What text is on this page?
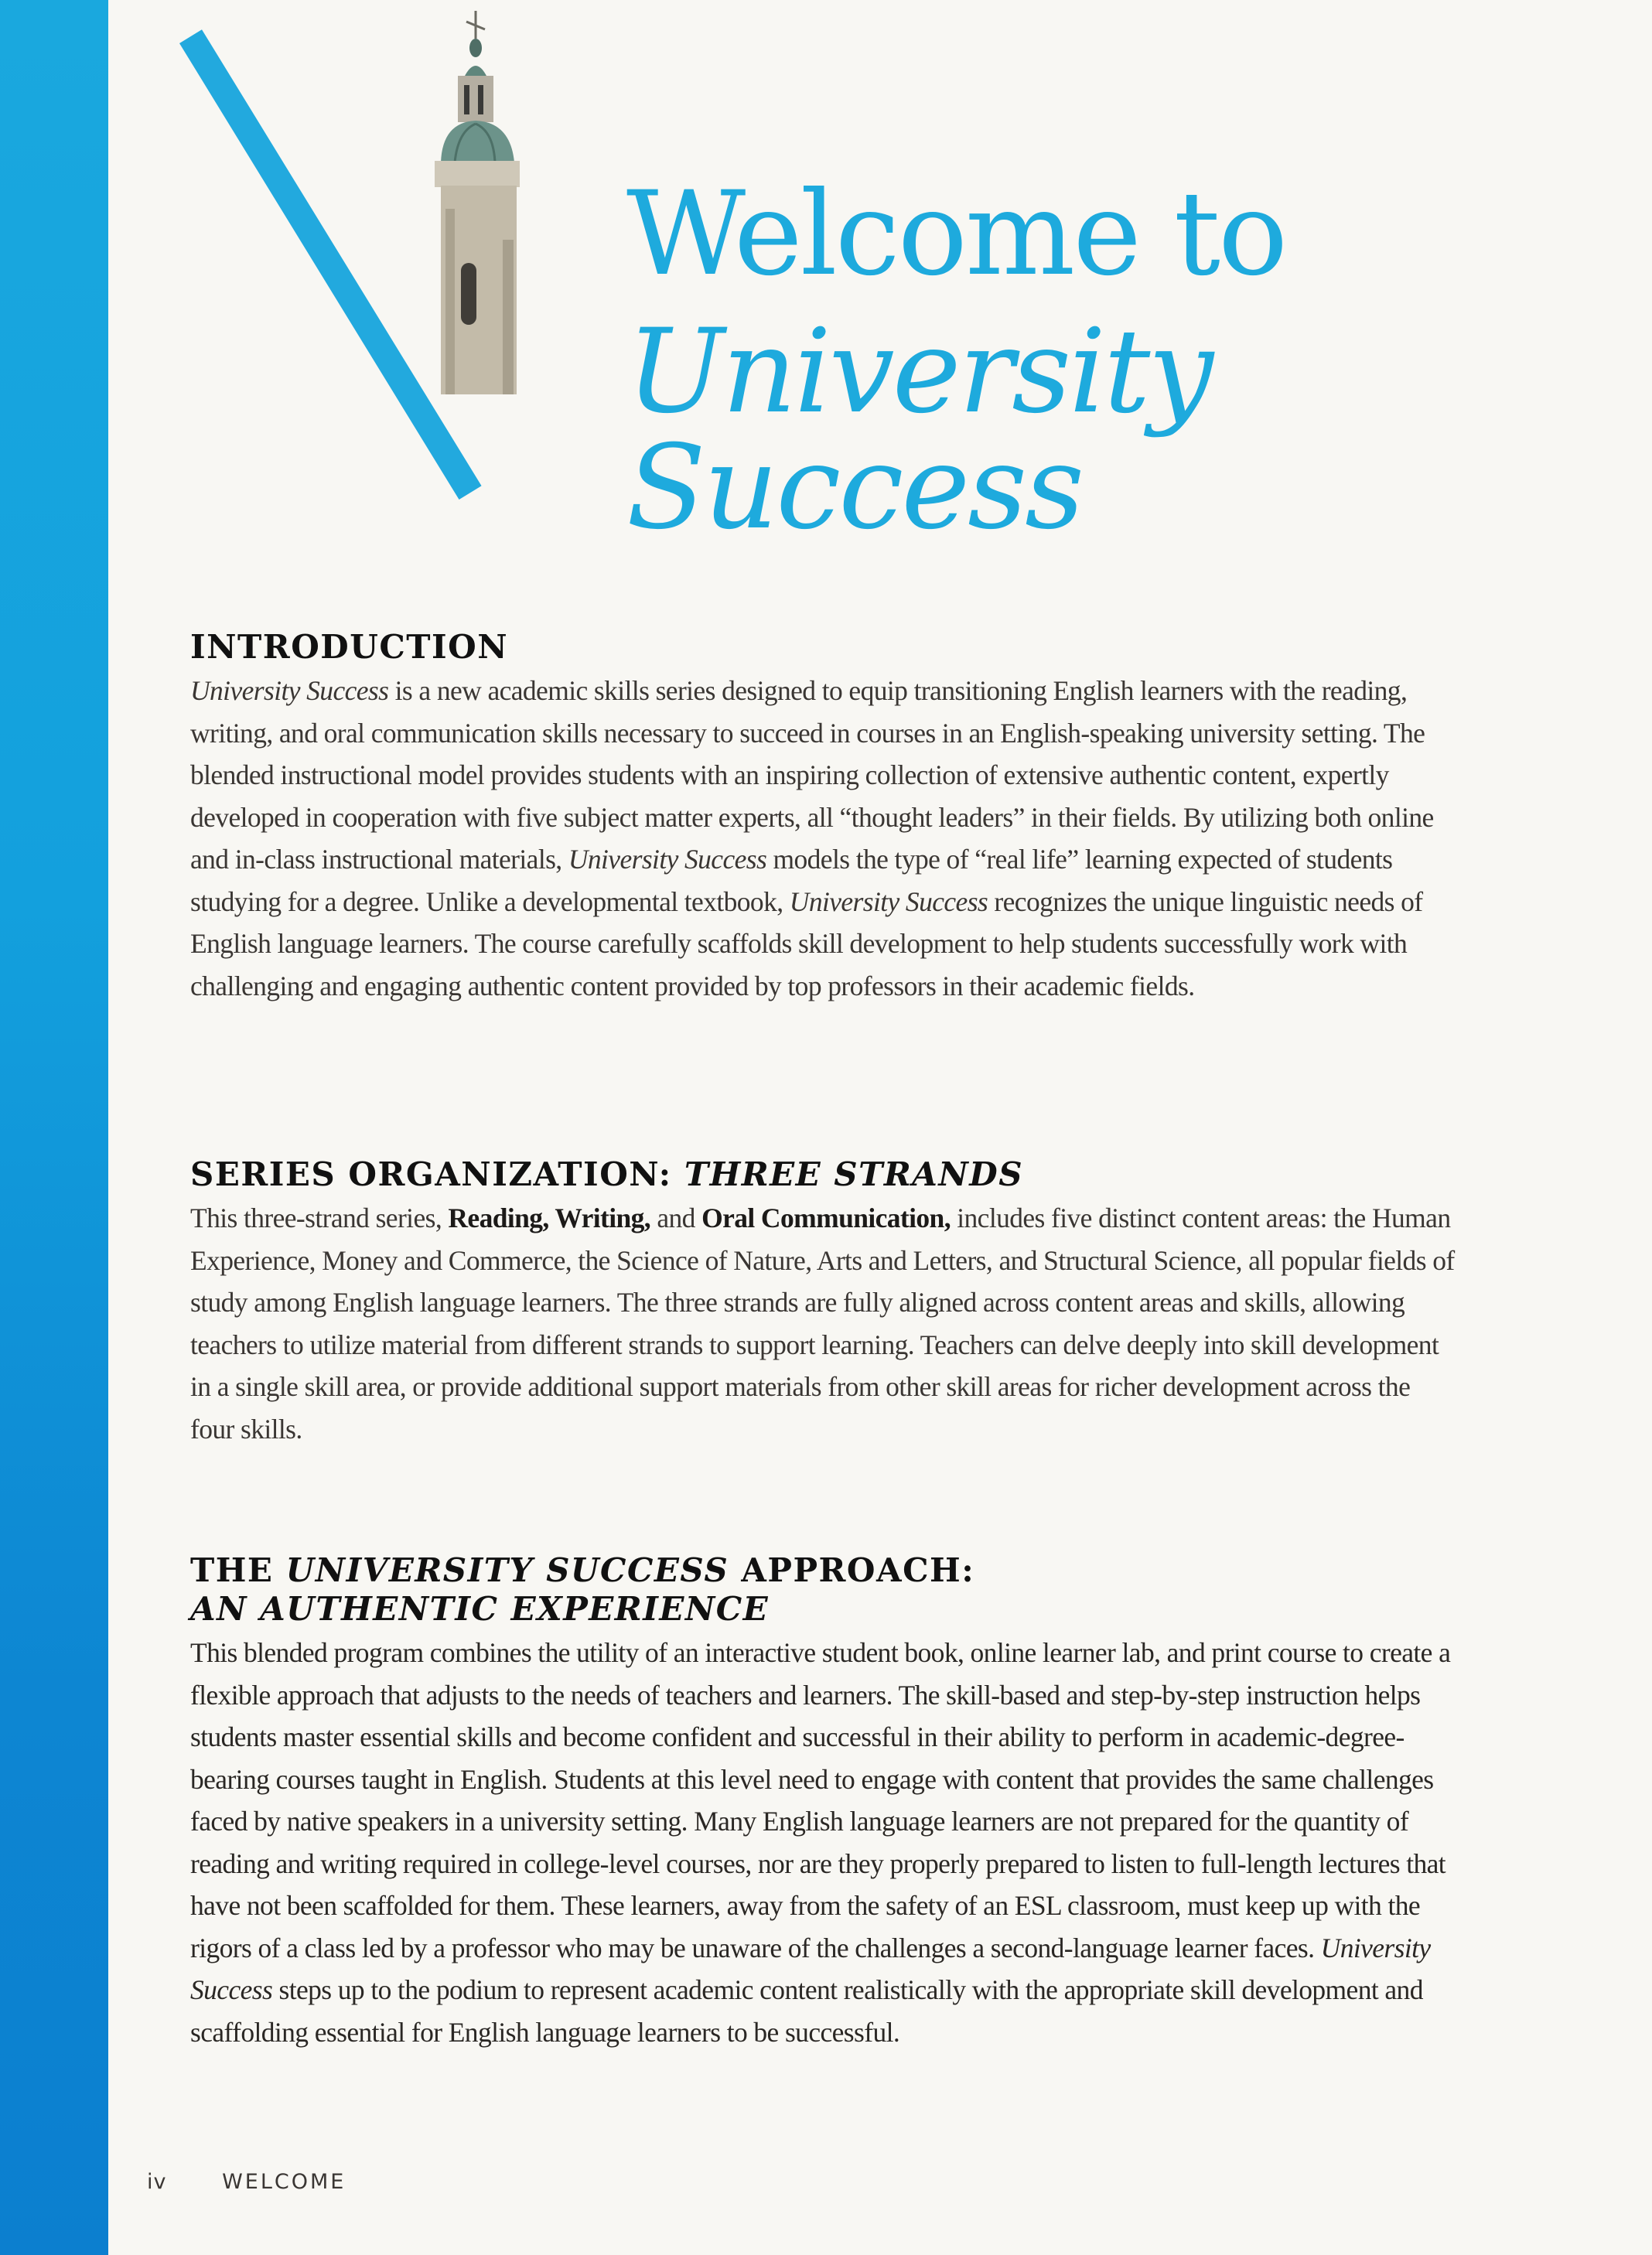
Welcome to
University Success
INTRODUCTION

University Success is a new academic skills series designed to equip transitioning English learners with the reading, writing, and oral communication skills necessary to succeed in courses in an English-speaking university setting. The blended instructional model provides students with an inspiring collection of extensive authentic content, expertly developed in cooperation with five subject matter experts, all “thought leaders” in their fields. By utilizing both online and in-class instructional materials, University Success models the type of “real life” learning expected of students studying for a degree. Unlike a developmental textbook, University Success recognizes the unique linguistic needs of English language learners. The course carefully scaffolds skill development to help students successfully work with challenging and engaging authentic content provided by top professors in their academic fields.

SERIES ORGANIZATION: THREE STRANDS

This three-strand series, Reading, Writing, and Oral Communication, includes five distinct content areas: the Human Experience, Money and Commerce, the Science of Nature, Arts and Letters, and Structural Science, all popular fields of study among English language learners. The three strands are fully aligned across content areas and skills, allowing teachers to utilize material from different strands to support learning. Teachers can delve deeply into skill development in a single skill area, or provide additional support materials from other skill areas for richer development across the four skills.

THE UNIVERSITY SUCCESS APPROACH:
AN AUTHENTIC EXPERIENCE

This blended program combines the utility of an interactive student book, online learner lab, and print course to create a flexible approach that adjusts to the needs of teachers and learners. The skill-based and step-by-step instruction helps students master essential skills and become confident and successful in their ability to perform in academic-degree-bearing courses taught in English. Students at this level need to engage with content that provides the same challenges faced by native speakers in a university setting. Many English language learners are not prepared for the quantity of reading and writing required in college-level courses, nor are they properly prepared to listen to full-length lectures that have not been scaffolded for them. These learners, away from the safety of an ESL classroom, must keep up with the rigors of a class led by a professor who may be unaware of the challenges a second-language learner faces. University Success steps up to the podium to represent academic content realistically with the appropriate skill development and scaffolding essential for English language learners to be successful.

iv	WELCOME
